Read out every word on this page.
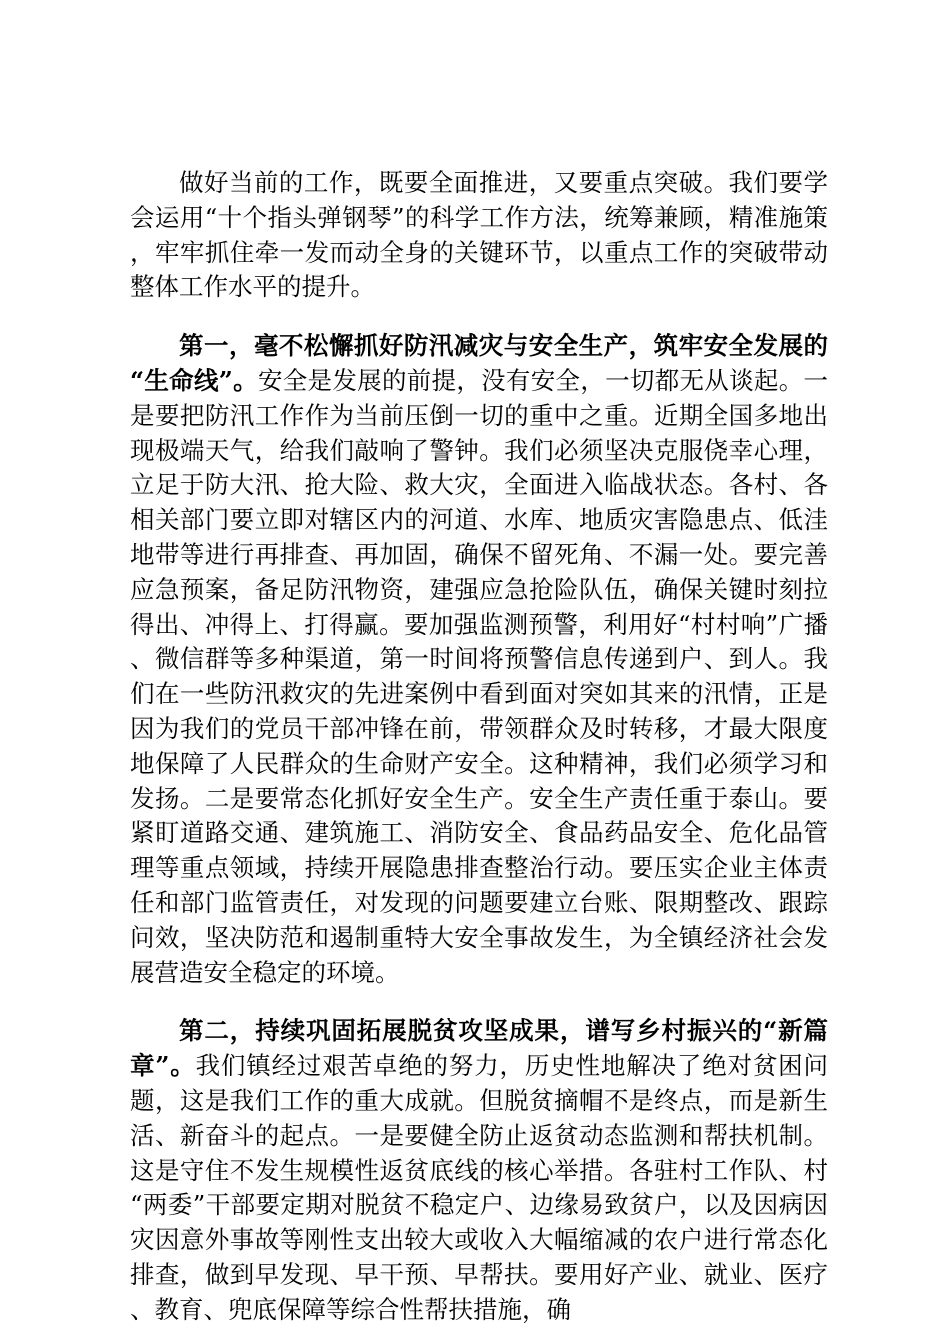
做好当前的工作，既要全面推进，又要重点突破。我们要学会运用“十个指头弹钢琴”的科学工作方法，统筹兼顾，精准施策，牢牢抓住牵一发而动全身的关键环节，以重点工作的突破带动整体工作水平的提升。

第一，毫不松懈抓好防汛减灾与安全生产，筑牢安全发展的“生命线”。安全是发展的前提，没有安全，一切都无从谈起。一是要把防汛工作作为当前压倒一切的重中之重。近期全国多地出现极端天气，给我们敲响了警钟。我们必须坚决克服侥幸心理，立足于防大汛、抢大险、救大灾，全面进入临战状态。各村、各相关部门要立即对辖区内的河道、水库、地质灾害隐患点、低洼地带等进行再排查、再加固，确保不留死角、不漏一处。要完善应急预案，备足防汛物资，建强应急抢险队伍，确保关键时刻拉得出、冲得上、打得赢。要加强监测预警，利用好“村村响”广播、微信群等多种渠道，第一时间将预警信息传递到户、到人。我们在一些防汛救灾的先进案例中看到面对突如其来的汛情，正是因为我们的党员干部冲锋在前，带领群众及时转移，才最大限度地保障了人民群众的生命财产安全。这种精神，我们必须学习和发扬。二是要常态化抓好安全生产。安全生产责任重于泰山。要紧盯道路交通、建筑施工、消防安全、食品药品安全、危化品管理等重点领域，持续开展隐患排查整治行动。要压实企业主体责任和部门监管责任，对发现的问题要建立台账、限期整改、跟踪问效，坚决防范和遏制重特大安全事故发生，为全镇经济社会发展营造安全稳定的环境。

第二，持续巩固拓展脱贫攻坚成果，谱写乡村振兴的“新篇章”。我们镇经过艰苦卓绝的努力，历史性地解决了绝对贫困问题，这是我们工作的重大成就。但脱贫摘帽不是终点，而是新生活、新奋斗的起点。一是要健全防止返贫动态监测和帮扶机制。这是守住不发生规模性返贫底线的核心举措。各驻村工作队、村“两委”干部要定期对脱贫不稳定户、边缘易致贫户，以及因病因灾因意外事故等刚性支出较大或收入大幅缩减的农户进行常态化排查，做到早发现、早干预、早帮扶。要用好产业、就业、医疗、教育、兜底保障等综合性帮扶措施，确
